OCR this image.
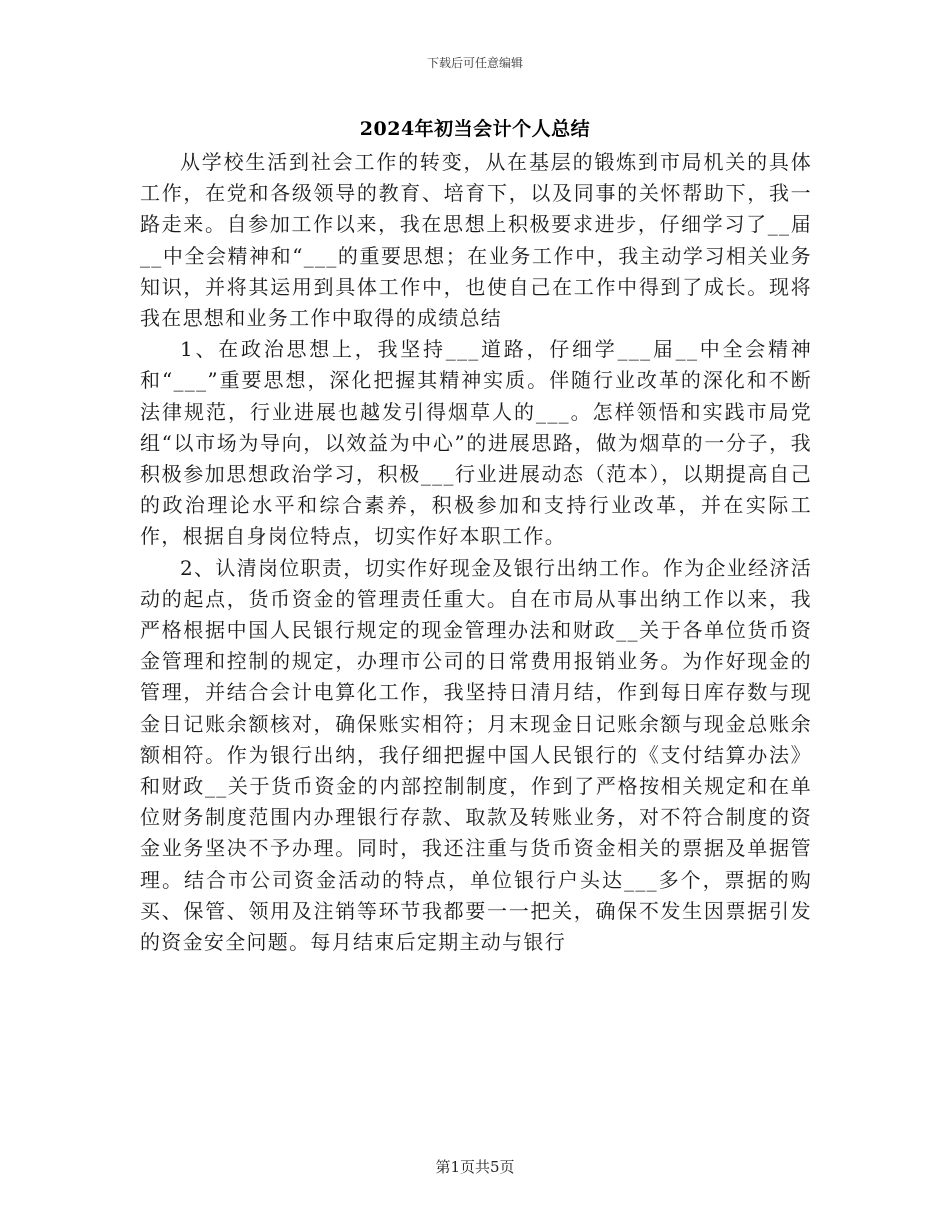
下载后可任意编辑
2024年初当会计个人总结

从学校生活到社会工作的转变，从在基层的锻炼到市局机关的具体工作，在党和各级领导的教育、培育下，以及同事的关怀帮助下，我一路走来。自参加工作以来，我在思想上积极要求进步，仔细学习了__届__中全会精神和“___的重要思想；在业务工作中，我主动学习相关业务知识，并将其运用到具体工作中，也使自己在工作中得到了成长。现将我在思想和业务工作中取得的成绩总结

1、在政治思想上，我坚持___道路，仔细学___届__中全会精神和“___”重要思想，深化把握其精神实质。伴随行业改革的深化和不断法律规范，行业进展也越发引得烟草人的___。怎样领悟和实践市局党组“以市场为导向，以效益为中心”的进展思路，做为烟草的一分子，我积极参加思想政治学习，积极___行业进展动态（范本），以期提高自己的政治理论水平和综合素养，积极参加和支持行业改革，并在实际工作，根据自身岗位特点，切实作好本职工作。

2、认清岗位职责，切实作好现金及银行出纳工作。作为企业经济活动的起点，货币资金的管理责任重大。自在市局从事出纳工作以来，我严格根据中国人民银行规定的现金管理办法和财政__关于各单位货币资金管理和控制的规定，办理市公司的日常费用报销业务。为作好现金的管理，并结合会计电算化工作，我坚持日清月结，作到每日库存数与现金日记账余额核对，确保账实相符；月末现金日记账余额与现金总账余额相符。作为银行出纳，我仔细把握中国人民银行的《支付结算办法》和财政__关于货币资金的内部控制制度，作到了严格按相关规定和在单位财务制度范围内办理银行存款、取款及转账业务，对不符合制度的资金业务坚决不予办理。同时，我还注重与货币资金相关的票据及单据管理。结合市公司资金活动的特点，单位银行户头达___多个，票据的购买、保管、领用及注销等环节我都要一一把关，确保不发生因票据引发的资金安全问题。每月结束后定期主动与银行

第1页共5页
